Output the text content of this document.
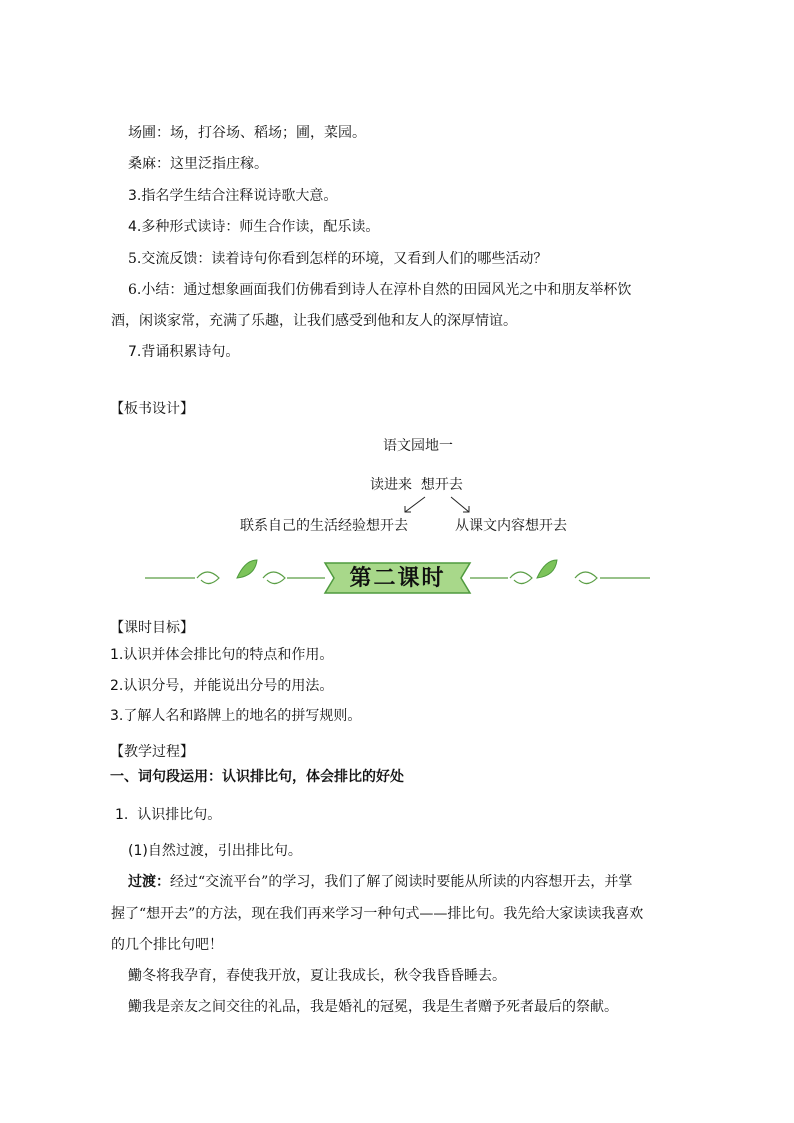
场圃：场，打谷场、稻场；圃，菜园。
桑麻：这里泛指庄稼。
3.指名学生结合注释说诗歌大意。
4.多种形式读诗：师生合作读，配乐读。
5.交流反馈：读着诗句你看到怎样的环境，又看到人们的哪些活动？
6.小结：通过想象画面我们仿佛看到诗人在淳朴自然的田园风光之中和朋友举杯饮
酒，闲谈家常，充满了乐趣，让我们感受到他和友人的深厚情谊。
7.背诵积累诗句。
【板书设计】
语文园地一
读进来  想开去
联系自己的生活经验想开去	从课文内容想开去
第二课时
【课时目标】
1.认识并体会排比句的特点和作用。
2.认识分号，并能说出分号的用法。
3.了解人名和路牌上的地名的拼写规则。
【教学过程】
一、词句段运用：认识排比句，体会排比的好处
1.  认识排比句。
(1)自然过渡，引出排比句。
过渡：经过“交流平台”的学习，我们了解了阅读时要能从所读的内容想开去，并掌
握了“想开去”的方法，现在我们再来学习一种句式——排比句。我先给大家读读我喜欢
的几个排比句吧！
鰳冬将我孕育，春使我开放，夏让我成长，秋令我昏昏睡去。
鰳我是亲友之间交往的礼品，我是婚礼的冠冕，我是生者赠予死者最后的祭献。
